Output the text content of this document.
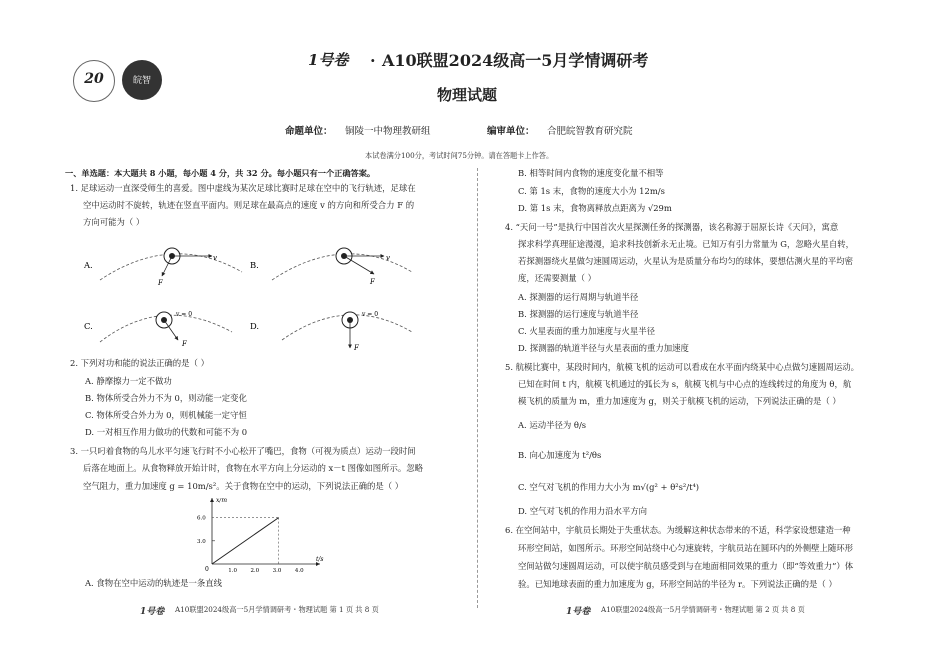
20	皖智
1号卷 · A10联盟2024级高一5月学情调研考
物理试题
命题单位： 铜陵一中物理教研组	编审单位： 合肥皖智教育研究院
本试卷满分100分，考试时间75分钟。请在答题卡上作答。
一、单选题：本大题共 8 小题，每小题 4 分，共 32 分。每小题只有一个正确答案。
1. 足球运动一直深受师生的喜爱。图中虚线为某次足球比赛时足球在空中的飞行轨迹，足球在
空中运动时不旋转，轨迹在竖直平面内。则足球在最高点的速度 v 的方向和所受合力 F 的
方向可能为（ ）
A.
v
F
B.
v
F
C.
v = 0
F
D.
v = 0
F
2. 下列对功和能的说法正确的是（ ）
A. 静摩擦力一定不做功
B. 物体所受合外力不为 0，则动能一定变化
C. 物体所受合外力为 0，则机械能一定守恒
D. 一对相互作用力做功的代数和可能不为 0
3. 一只叼着食物的鸟儿水平匀速飞行时不小心松开了嘴巴，食物（可视为质点）运动一段时间
后落在地面上。从食物释放开始计时，食物在水平方向上分运动的 x－t 图像如图所示。忽略
空气阻力，重力加速度 g = 10m/s²。关于食物在空中的运动，下列说法正确的是（ ）
t/s
x/m
0	1.0 2.0 3.0 4.0
3.0
6.0
A. 食物在空中运动的轨迹是一条直线
B. 相等时间内食物的速度变化量不相等
C. 第 1s 末，食物的速度大小为 12m/s
D. 第 1s 末，食物离释放点距离为 √29m
4. “天问一号”是执行中国首次火星探测任务的探测器，该名称源于屈原长诗《天问》，寓意
探求科学真理征途漫漫，追求科技创新永无止境。已知万有引力常量为 G，忽略火星自转，
若探测器绕火星做匀速圆周运动，火星认为是质量分布均匀的球体，要想估测火星的平均密
度，还需要测量（ ）
A. 探测器的运行周期与轨道半径
B. 探测器的运行速度与轨道半径
C. 火星表面的重力加速度与火星半径
D. 探测器的轨道半径与火星表面的重力加速度
5. 航模比赛中，某段时间内，航模飞机的运动可以看成在水平面内绕某中心点做匀速圆周运动。
已知在时间 t 内，航模飞机通过的弧长为 s，航模飞机与中心点的连线转过的角度为 θ，航
模飞机的质量为 m，重力加速度为 g，则关于航模飞机的运动，下列说法正确的是（ ）
A. 运动半径为 θ/s
B. 向心加速度为 t²/θs
C. 空气对飞机的作用力大小为 m√(g² + θ²s²/t⁴)
D. 空气对飞机的作用力沿水平方向
6. 在空间站中，宇航员长期处于失重状态。为缓解这种状态带来的不适，科学家设想建造一种
环形空间站，如图所示。环形空间站绕中心匀速旋转，宇航员站在圆环内的外侧壁上随环形
空间站做匀速圆周运动，可以使宇航员感受到与在地面相同效果的重力（即“等效重力”）体
验。已知地球表面的重力加速度为 g，环形空间站的半径为 r。下列说法正确的是（ ）
1号卷 A10联盟2024级高一5月学情调研考・物理试题 第 1 页 共 8 页	1号卷 A10联盟2024级高一5月学情调研考・物理试题 第 2 页 共 8 页
